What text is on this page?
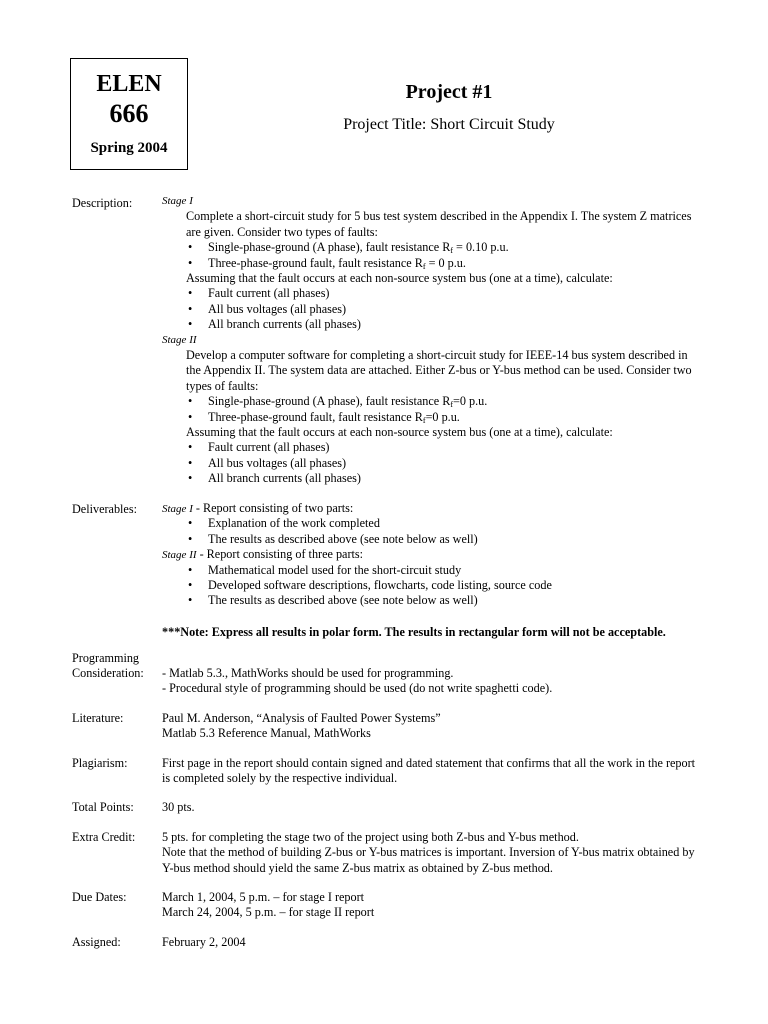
ELEN
666
Spring 2004
Project #1
Project Title: Short Circuit Study
Description:	Stage I
Complete a short-circuit study for 5 bus test system described in the Appendix I. The system Z matrices are given. Consider two types of faults:
• Single-phase-ground (A phase), fault resistance $R_f = 0.10$ p.u.
• Three-phase-ground fault, fault resistance $R_f = 0$ p.u.
Assuming that the fault occurs at each non-source system bus (one at a time), calculate:
• Fault current (all phases)
• All bus voltages (all phases)
• All branch currents (all phases)
Stage II
Develop a computer software for completing a short-circuit study for IEEE-14 bus system described in the Appendix II. The system data are attached. Either Z-bus or Y-bus method can be used. Consider two types of faults:
• Single-phase-ground (A phase), fault resistance $R_f=0$ p.u.
• Three-phase-ground fault, fault resistance $R_f=0$ p.u.
Assuming that the fault occurs at each non-source system bus (one at a time), calculate:
• Fault current (all phases)
• All bus voltages (all phases)
• All branch currents (all phases)
Deliverables: Stage I - Report consisting of two parts:
• Explanation of the work completed
• The results as described above (see note below as well)
Stage II - Report consisting of three parts:
• Mathematical model used for the short-circuit study
• Developed software descriptions, flowcharts, code listing, source code
• The results as described above (see note below as well)
***Note: Express all results in polar form. The results in rectangular form will not be acceptable.
Programming
Consideration: - Matlab 5.3., MathWorks should be used for programming.
- Procedural style of programming should be used (do not write spaghetti code).
Literature:	Paul M. Anderson, “Analysis of Faulted Power Systems”
Matlab 5.3 Reference Manual, MathWorks
Plagiarism:	First page in the report should contain signed and dated statement that confirms that all the work in the report is completed solely by the respective individual.
Total Points: 30 pts.
Extra Credit: 5 pts. for completing the stage two of the project using both Z-bus and Y-bus method.
Note that the method of building Z-bus or Y-bus matrices is important. Inversion of Y-bus matrix obtained by Y-bus method should yield the same Z-bus matrix as obtained by Z-bus method.
Due Dates:	March 1, 2004, 5 p.m. – for stage I report
March 24, 2004, 5 p.m. – for stage II report
Assigned:	February 2, 2004
